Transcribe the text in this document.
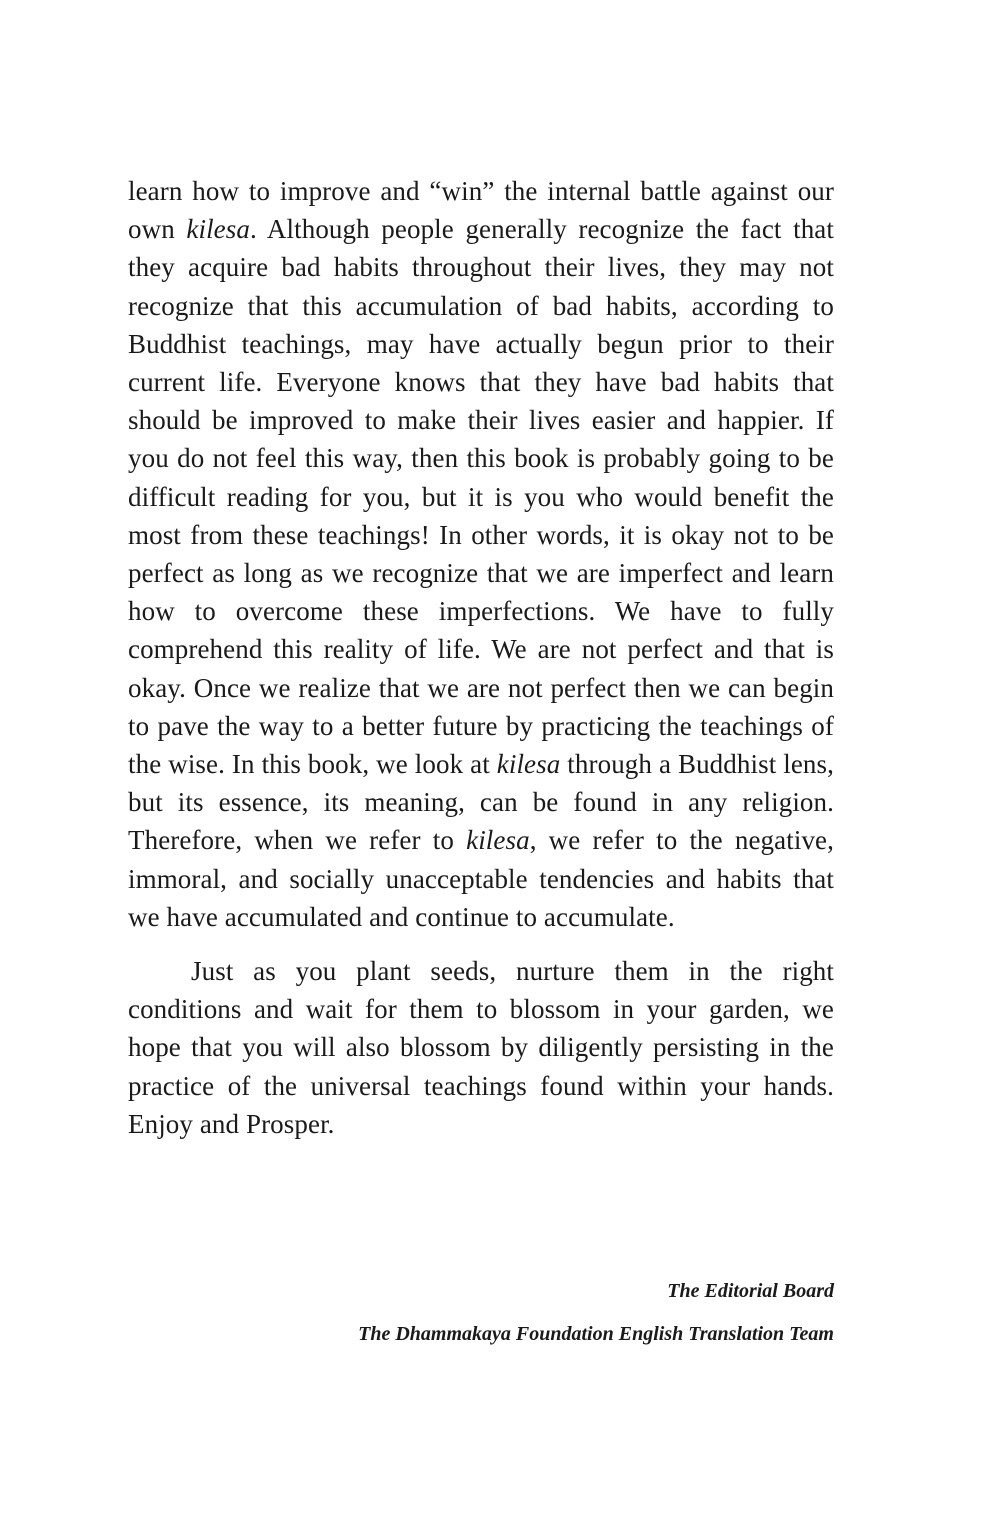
learn how to improve and “win” the internal battle against our own kilesa. Although people generally recognize the fact that they acquire bad habits throughout their lives, they may not recognize that this accumulation of bad habits, according to Buddhist teachings, may have actually begun prior to their current life. Everyone knows that they have bad habits that should be improved to make their lives easier and happier. If you do not feel this way, then this book is probably going to be difficult reading for you, but it is you who would benefit the most from these teachings! In other words, it is okay not to be perfect as long as we recognize that we are imperfect and learn how to overcome these imperfections. We have to fully comprehend this reality of life. We are not perfect and that is okay. Once we realize that we are not perfect then we can begin to pave the way to a better future by practicing the teachings of the wise. In this book, we look at kilesa through a Buddhist lens, but its essence, its meaning, can be found in any religion. Therefore, when we refer to kilesa, we refer to the negative, immoral, and socially unacceptable tendencies and habits that we have accumulated and continue to accumulate.

Just as you plant seeds, nurture them in the right conditions and wait for them to blossom in your garden, we hope that you will also blossom by diligently persisting in the practice of the universal teachings found within your hands. Enjoy and Prosper.

The Editorial Board
The Dhammakaya Foundation English Translation Team
